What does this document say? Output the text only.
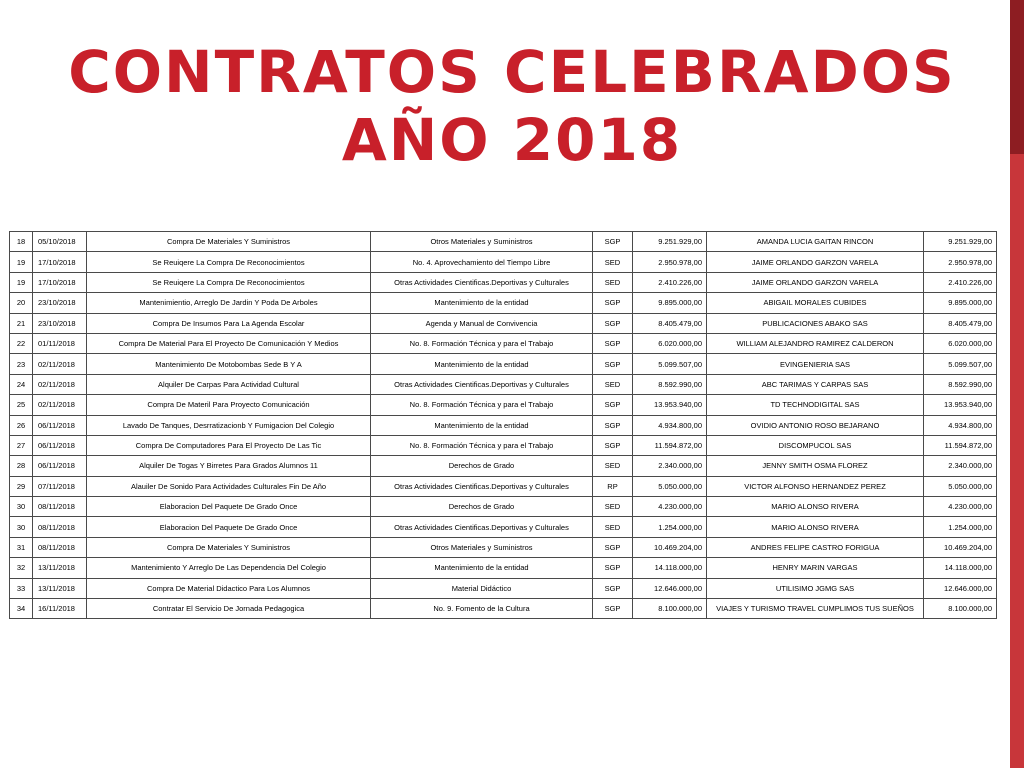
CONTRATOS CELEBRADOS
AÑO 2018
18	05/10/2018	Compra De Materiales Y Suministros	Otros Materiales y Suministros	SGP	9.251.929,00	AMANDA LUCIA GAITAN RINCON	9.251.929,00
19	17/10/2018	Se Reuiqere La Compra De Reconocimientos	No. 4. Aprovechamiento del Tiempo Libre	SED	2.950.978,00	JAIME ORLANDO GARZON VARELA	2.950.978,00
19	17/10/2018	Se Reuiqere La Compra De Reconocimientos	Otras Actividades Cientificas.Deportivas y Culturales	SED	2.410.226,00	JAIME ORLANDO GARZON VARELA	2.410.226,00
20	23/10/2018	Mantenimientio, Arreglo De Jardin Y Poda De Arboles	Mantenimiento de la entidad	SGP	9.895.000,00	ABIGAIL MORALES CUBIDES	9.895.000,00
21	23/10/2018	Compra De Insumos Para La Agenda Escolar	Agenda y Manual de Convivencia	SGP	8.405.479,00	PUBLICACIONES ABAKO SAS	8.405.479,00
22	01/11/2018	Compra De Material Para El Proyecto De Comunicación Y Medios	No. 8. Formación Técnica y para el Trabajo	SGP	6.020.000,00	WILLIAM ALEJANDRO RAMIREZ CALDERON	6.020.000,00
23	02/11/2018	Mantenimiento De Motobombas Sede B Y A	Mantenimiento de la entidad	SGP	5.099.507,00	EVINGENIERIA SAS	5.099.507,00
24	02/11/2018	Alquiler De Carpas Para Actividad Cultural	Otras Actividades Cientificas.Deportivas y Culturales	SED	8.592.990,00	ABC TARIMAS Y CARPAS SAS	8.592.990,00
25	02/11/2018	Compra De Materil Para Proyecto Comunicación	No. 8. Formación Técnica y para el Trabajo	SGP	13.953.940,00	TD TECHNODIGITAL SAS	13.953.940,00
26	06/11/2018	Lavado De Tanques, Desrratizacionb Y Fumigacion Del Colegio	Mantenimiento de la entidad	SGP	4.934.800,00	OVIDIO ANTONIO ROSO BEJARANO	4.934.800,00
27	06/11/2018	Compra De Computadores Para El Proyecto De Las Tic	No. 8. Formación Técnica y para el Trabajo	SGP	11.594.872,00	DISCOMPUCOL SAS	11.594.872,00
28	06/11/2018	Alquiler De Togas Y Birretes Para Grados Alumnos 11	Derechos de Grado	SED	2.340.000,00	JENNY SMITH OSMA FLOREZ	2.340.000,00
29	07/11/2018	Alauiler De Sonido Para Actividades Culturales Fin De Año	Otras Actividades Cientificas.Deportivas y Culturales	RP	5.050.000,00	VICTOR ALFONSO HERNANDEZ PEREZ	5.050.000,00
30	08/11/2018	Elaboracion Del Paquete De Grado Once	Derechos de Grado	SED	4.230.000,00	MARIO ALONSO RIVERA	4.230.000,00
30	08/11/2018	Elaboracion Del Paquete De Grado Once	Otras Actividades Cientificas.Deportivas y Culturales	SED	1.254.000,00	MARIO ALONSO RIVERA	1.254.000,00
31	08/11/2018	Compra De Materiales Y Suministros	Otros Materiales y Suministros	SGP	10.469.204,00	ANDRES FELIPE CASTRO FORIGUA	10.469.204,00
32	13/11/2018	Mantenimiento Y Arreglo De Las Dependencia Del Colegio	Mantenimiento de la entidad	SGP	14.118.000,00	HENRY MARIN VARGAS	14.118.000,00
33	13/11/2018	Compra De Material Didactico Para Los Alumnos	Material Didáctico	SGP	12.646.000,00	UTILISIMO JGMG SAS	12.646.000,00
34	16/11/2018	Contratar El Servicio De Jornada Pedagogica	No. 9. Fomento de la Cultura	SGP	8.100.000,00	VIAJES Y TURISMO TRAVEL CUMPLIMOS TUS SUEÑOS	8.100.000,00
